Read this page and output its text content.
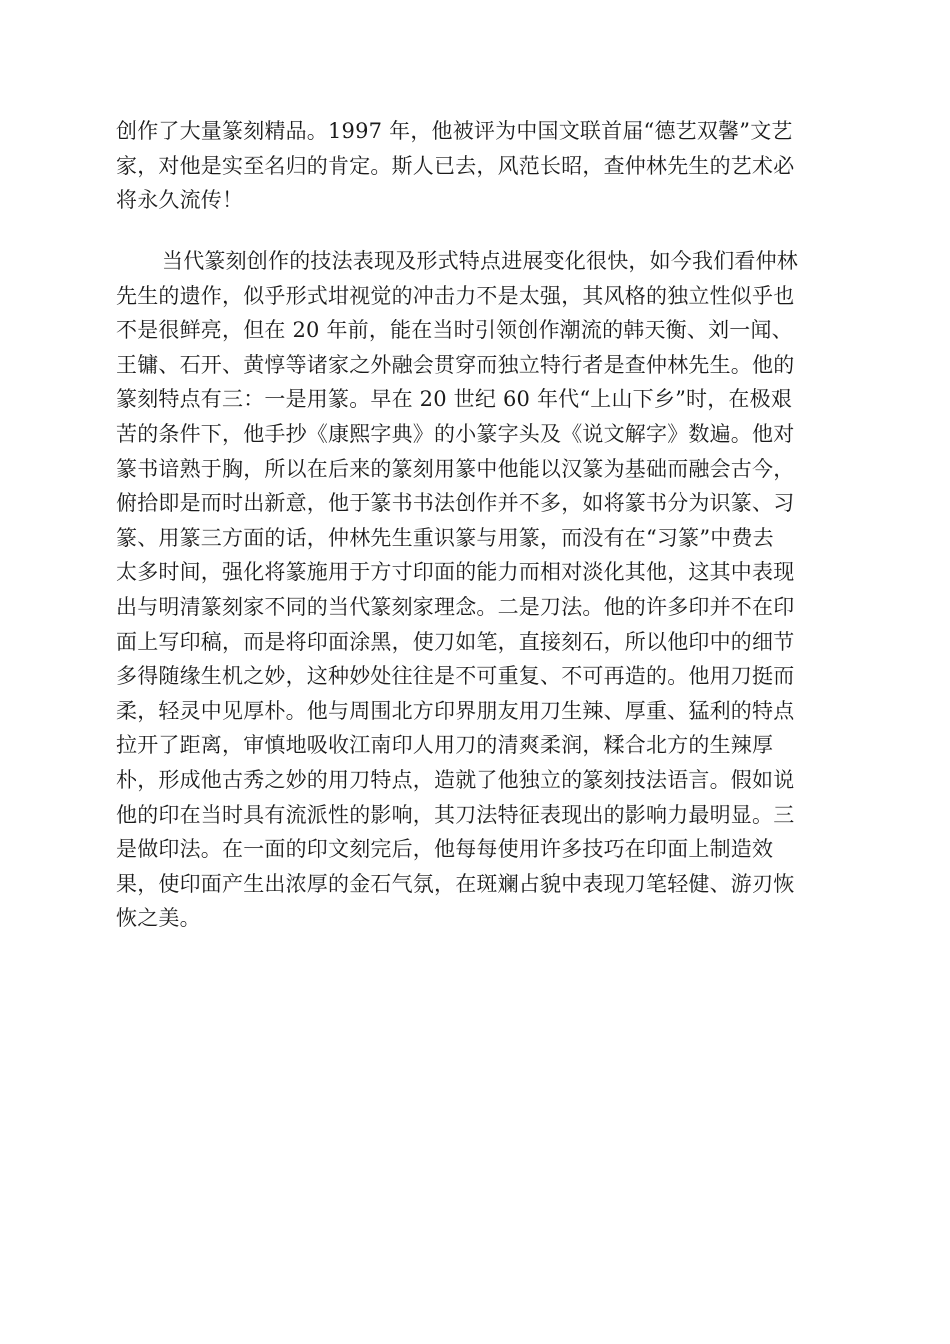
创作了大量篆刻精品。1997 年，他被评为中国文联首届“德艺双馨”文艺
家，对他是实至名归的肯定。斯人已去，风范长昭，查仲林先生的艺术必
将永久流传！
当代篆刻创作的技法表现及形式特点进展变化很快，如今我们看仲林
先生的遗作，似乎形式坩视觉的冲击力不是太强，其风格的独立性似乎也
不是很鲜亮，但在 20 年前，能在当时引领创作潮流的韩天衡、刘一闻、
王镛、石开、黄惇等诸家之外融会贯穿而独立特行者是查仲林先生。他的
篆刻特点有三：一是用篆。早在 20 世纪 60 年代“上山下乡”时，在极艰
苦的条件下，他手抄《康熙字典》的小篆字头及《说文解字》数遍。他对
篆书谙熟于胸，所以在后来的篆刻用篆中他能以汉篆为基础而融会古今，
俯拾即是而时出新意，他于篆书书法创作并不多，如将篆书分为识篆、习
篆、用篆三方面的话，仲林先生重识篆与用篆，而没有在“习篆”中费去
太多时间，强化将篆施用于方寸印面的能力而相对淡化其他，这其中表现
出与明清篆刻家不同的当代篆刻家理念。二是刀法。他的许多印并不在印
面上写印稿，而是将印面涂黑，使刀如笔，直接刻石，所以他印中的细节
多得随缘生机之妙，这种妙处往往是不可重复、不可再造的。他用刀挺而
柔，轻灵中见厚朴。他与周围北方印界朋友用刀生辣、厚重、猛利的特点
拉开了距离，审慎地吸收江南印人用刀的清爽柔润，糅合北方的生辣厚
朴，形成他古秀之妙的用刀特点，造就了他独立的篆刻技法语言。假如说
他的印在当时具有流派性的影响，其刀法特征表现出的影响力最明显。三
是做印法。在一面的印文刻完后，他每每使用许多技巧在印面上制造效
果，使印面产生出浓厚的金石气氛，在斑斓占貌中表现刀笔轻健、游刃恢
恢之美。
